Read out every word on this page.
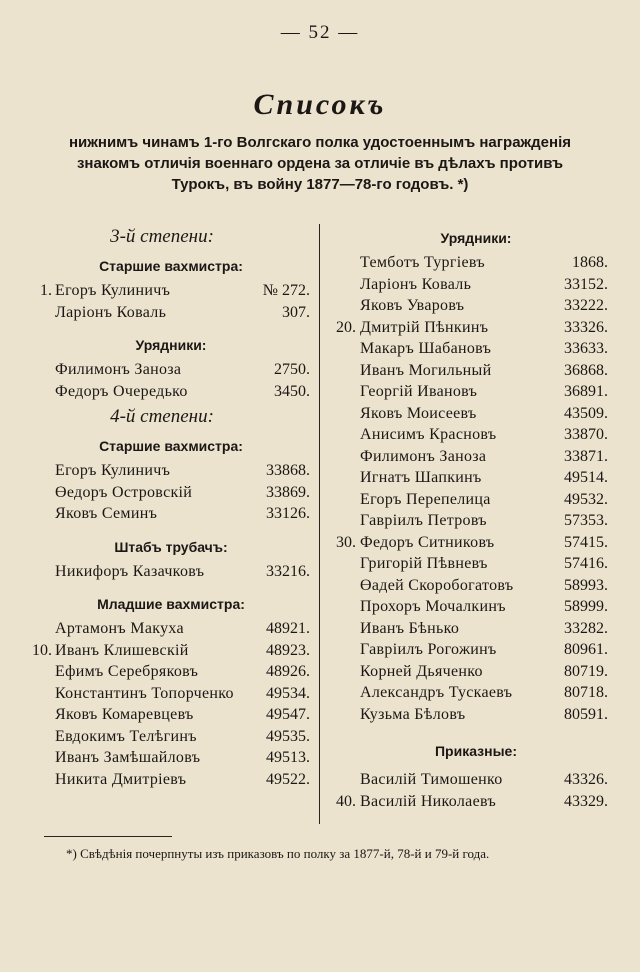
— 52 —
Списокъ
нижнимъ чинамъ 1-го Волгскаго полка удостоеннымъ награжденія
знакомъ отличія военнаго ордена за отличіе въ дѣлахъ противъ
Турокъ, въ войну 1877—78-го годовъ. *)
3-й степени:
Старшие вахмистра:
1. Егоръ Кулиничъ	№ 272.
Ларіонъ Коваль	307.
Урядники:
Филимонъ Заноза	2750.
Федоръ Очередько	3450.
4-й степени:
Старшие вахмистра:
Егоръ Кулиничъ	33868.
Өедоръ Островскій	33869.
Яковъ Семинъ	33126.
Штабъ трубачъ:
Никифоръ Казачковъ	33216.
Младшие вахмистра:
Артамонъ Макуха	48921.
10. Иванъ Клишевскій	48923.
Ефимъ Серебряковъ	48926.
Константинъ Топорченко 49534.
Яковъ Комаревцевъ	49547.
Евдокимъ Телѣгинъ	49535.
Иванъ Замѣшайловъ	49513.
Никита Дмитріевъ	49522.
Урядники:
Темботъ Тургіевъ	1868.
Ларіонъ Коваль	33152.
Яковъ Уваровъ	33222.
20. Дмитрій Пѣнкинъ	33326.
Макаръ Шабановъ	33633.
Иванъ Могильный	36868.
Георгій Ивановъ	36891.
Яковъ Моисеевъ	43509.
Анисимъ Красновъ	33870.
Филимонъ Заноза	33871.
Игнатъ Шапкинъ	49514.
Егоръ Перепелица	49532.
Гавріилъ Петровъ	57353.
30. Федоръ Ситниковъ	57415.
Григорій Пѣвневъ	57416.
Өадей Скоробогатовъ	58993.
Прохоръ Мочалкинъ	58999.
Иванъ Бѣнько	33282.
Гавріилъ Рогожинъ	80961.
Корней Дьяченко	80719.
Александръ Тускаевъ	80718.
Кузьма Бѣловъ	80591.
Приказные:
Василій Тимошенко	43326.
40. Василій Николаевъ	43329.
*) Свѣдѣнія почерпнуты изъ приказовъ по полку за 1877-й, 78-й и 79-й года.
